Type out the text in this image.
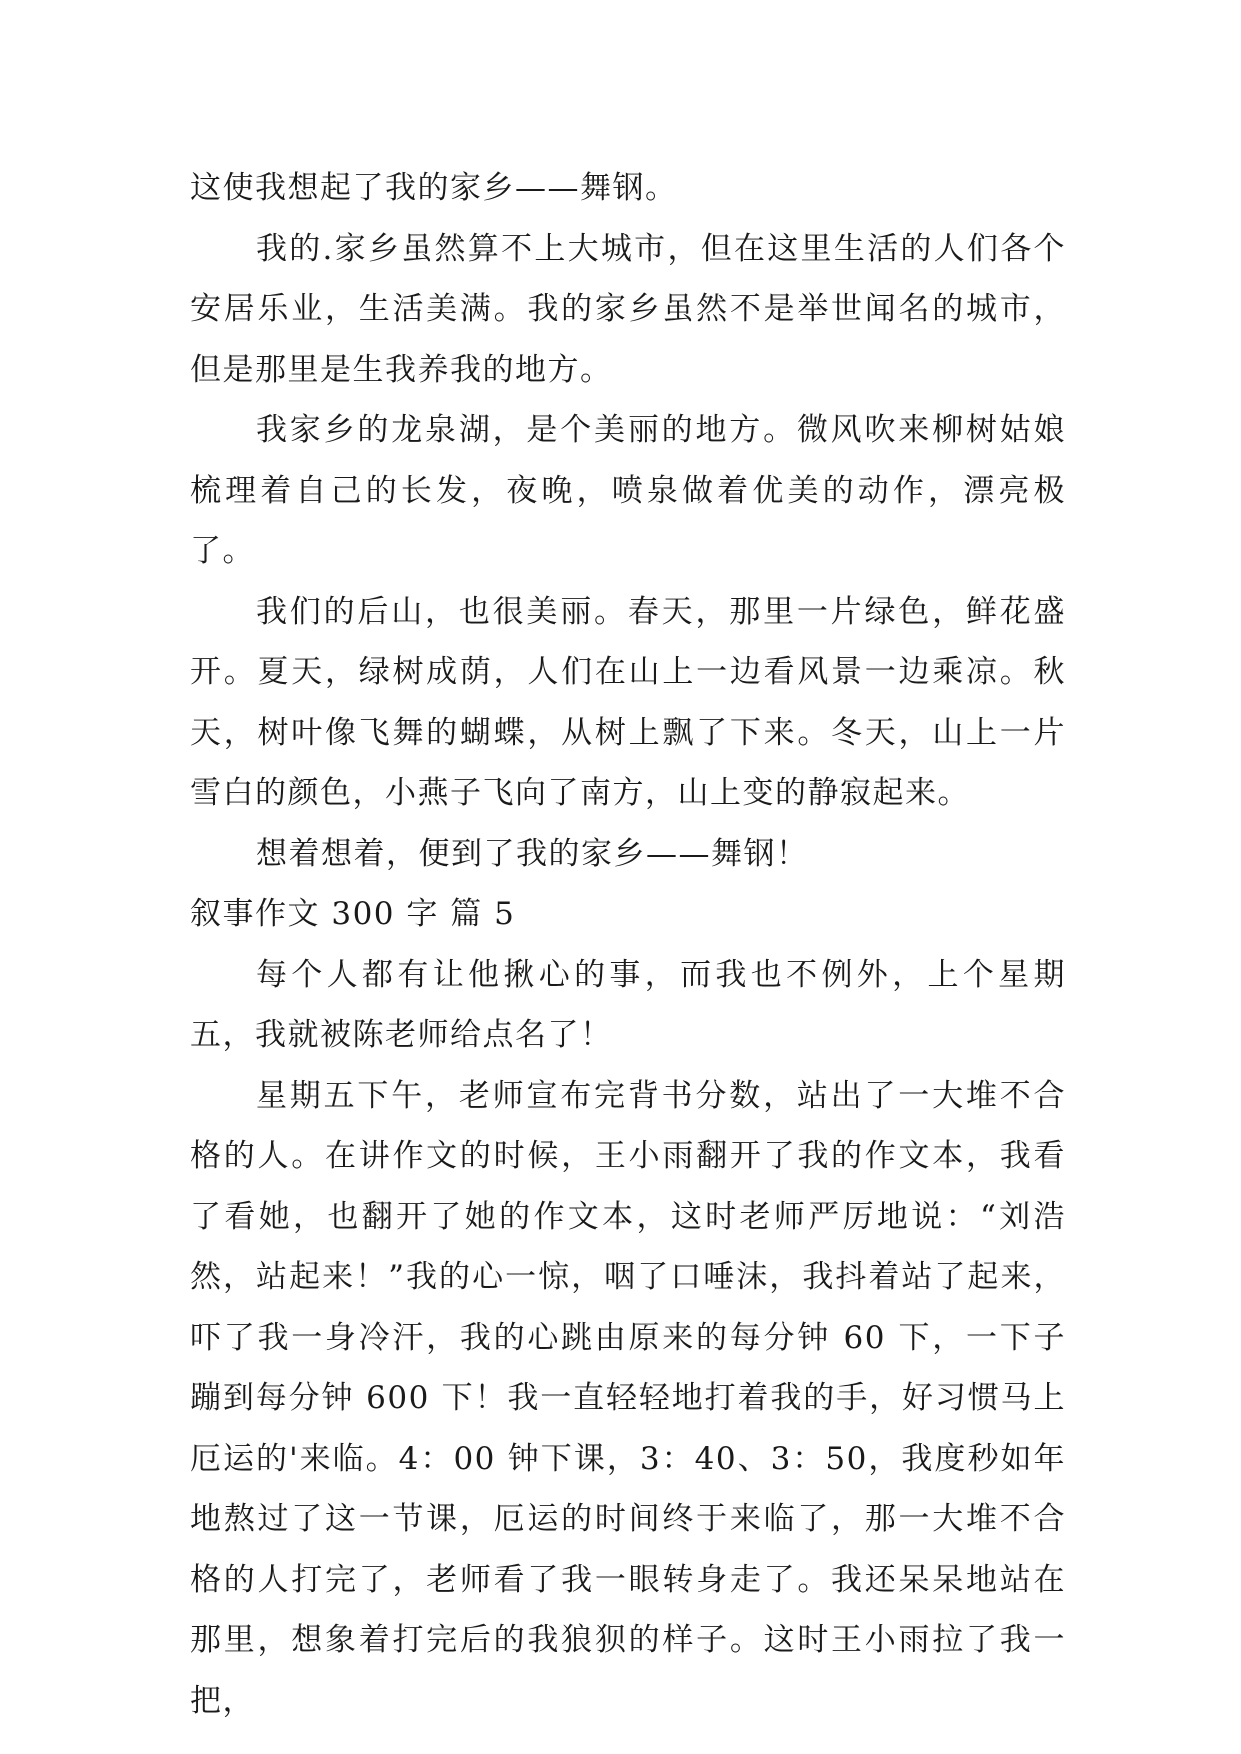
这使我想起了我的家乡——舞钢。

我的.家乡虽然算不上大城市，但在这里生活的人们各个安居乐业，生活美满。我的家乡虽然不是举世闻名的城市，但是那里是生我养我的地方。

我家乡的龙泉湖，是个美丽的地方。微风吹来柳树姑娘梳理着自己的长发，夜晚，喷泉做着优美的动作，漂亮极了。

我们的后山，也很美丽。春天，那里一片绿色，鲜花盛开。夏天，绿树成荫，人们在山上一边看风景一边乘凉。秋天，树叶像飞舞的蝴蝶，从树上飘了下来。冬天，山上一片雪白的颜色，小燕子飞向了南方，山上变的静寂起来。

想着想着，便到了我的家乡——舞钢！

叙事作文 300 字 篇 5

每个人都有让他揪心的事，而我也不例外，上个星期五，我就被陈老师给点名了！

星期五下午，老师宣布完背书分数，站出了一大堆不合格的人。在讲作文的时候，王小雨翻开了我的作文本，我看了看她，也翻开了她的作文本，这时老师严厉地说：“刘浩然，站起来！”我的心一惊，咽了口唾沫，我抖着站了起来，吓了我一身冷汗，我的心跳由原来的每分钟 60 下，一下子蹦到每分钟 600 下！我一直轻轻地打着我的手，好习惯马上厄运的'来临。4：00 钟下课，3：40、3：50，我度秒如年地熬过了这一节课，厄运的时间终于来临了，那一大堆不合格的人打完了，老师看了我一眼转身走了。我还呆呆地站在那里，想象着打完后的我狼狈的样子。这时王小雨拉了我一把，
